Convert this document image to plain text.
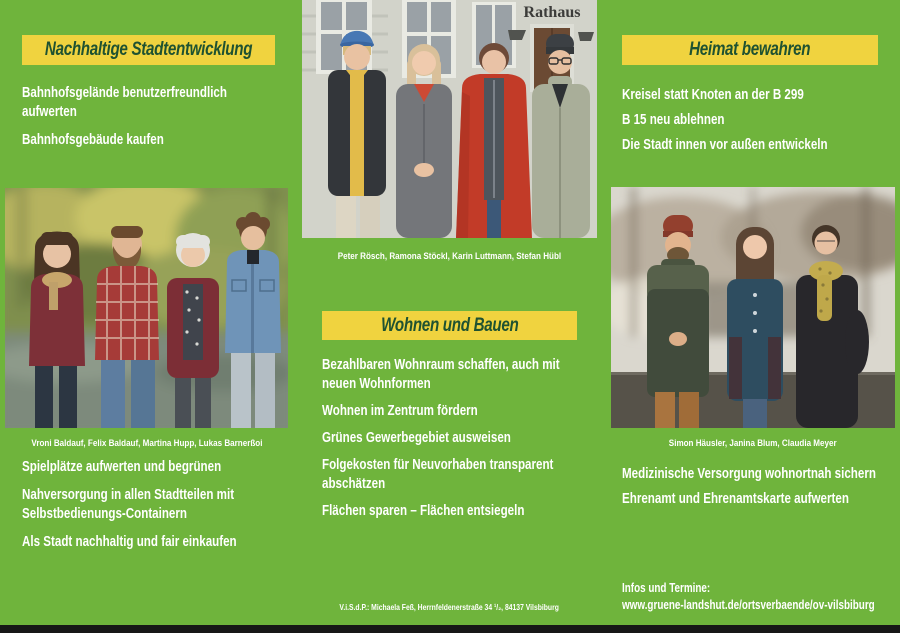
Nachhaltige Stadtentwicklung
Bahnhofsgelände benutzerfreundlich aufwerten
Bahnhofsgebäude kaufen
Vroni Baldauf, Felix Baldauf, Martina Hupp, Lukas Barnerßoi
Spielplätze aufwerten und begrünen
Nahversorgung in allen Stadtteilen mit Selbstbedienungs-Containern
Als Stadt nachhaltig und fair einkaufen
Rathaus
Peter Rösch, Ramona Stöckl, Karin Luttmann, Stefan Hübl
Wohnen und Bauen
Bezahlbaren Wohnraum schaffen, auch mit neuen Wohnformen
Wohnen im Zentrum fördern
Grünes Gewerbegebiet ausweisen
Folgekosten für Neuvorhaben transparent abschätzen
Flächen sparen – Flächen entsiegeln
V.i.S.d.P.: Michaela Feß, Herrnfeldenerstraße 34 ¹/₂, 84137 Vilsbiburg
Heimat bewahren
Kreisel statt Knoten an der B 299
B 15 neu ablehnen
Die Stadt innen vor außen entwickeln
Simon Häusler, Janina Blum, Claudia Meyer
Medizinische Versorgung wohnortnah sichern
Ehrenamt und Ehrenamtskarte aufwerten
Infos und Termine:
www.gruene-landshut.de/ortsverbaende/ov-vilsbiburg
